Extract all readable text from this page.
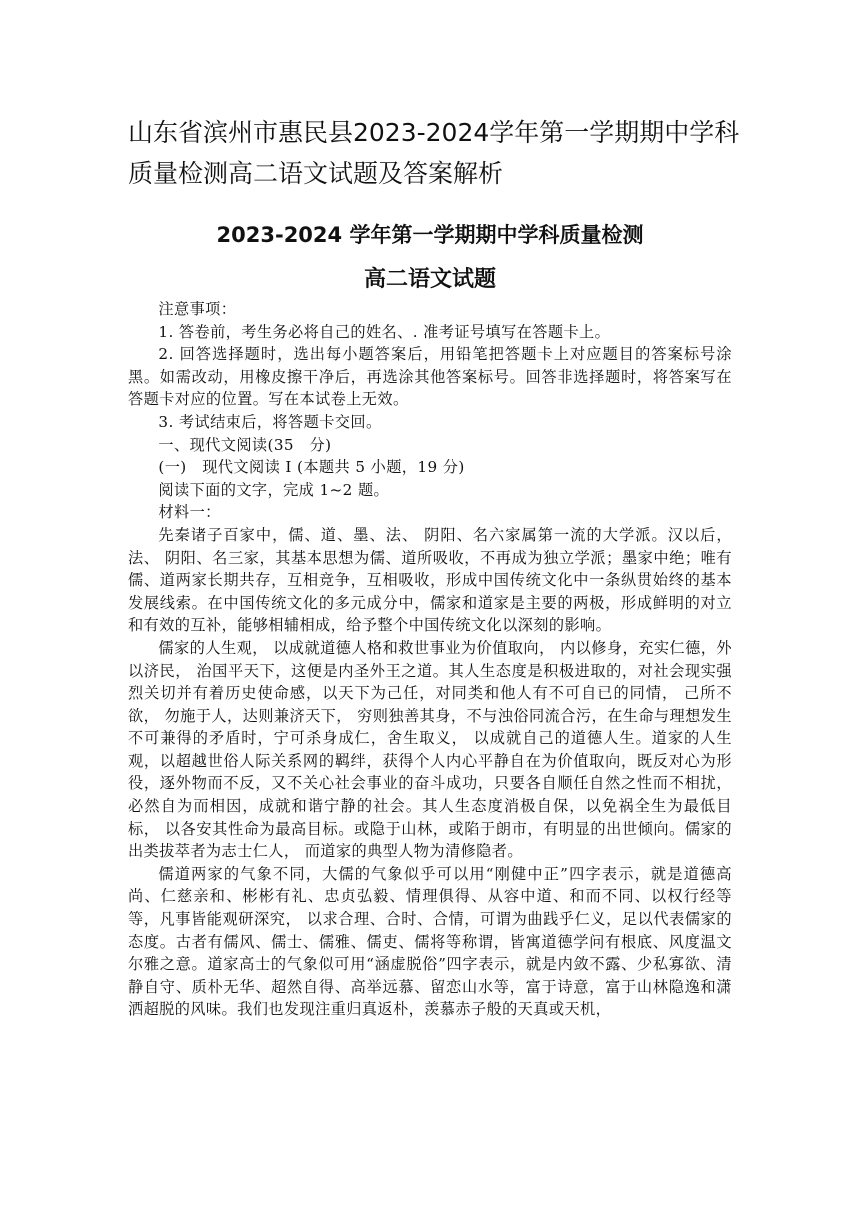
山东省滨州市惠民县2023-2024学年第一学期期中学科质量检测高二语文试题及答案解析
2023-2024 学年第一学期期中学科质量检测
高二语文试题

注意事项：

1. 答卷前，考生务必将自己的姓名、. 准考证号填写在答题卡上。

2. 回答选择题时，选出每小题答案后，用铅笔把答题卡上对应题目的答案标号涂黑。如需改动，用橡皮擦干净后，再选涂其他答案标号。回答非选择题时，将答案写在答题卡对应的位置。写在本试卷上无效。

3. 考试结束后，将答题卡交回。

一、现代文阅读(35　分)

(一)　现代文阅读 I (本题共 5 小题，19 分)

阅读下面的文字，完成 1~2 题。

材料一：

先秦诸子百家中，儒、道、墨、法、 阴阳、名六家属第一流的大学派。汉以后， 法、 阴阳、名三家，其基本思想为儒、道所吸收，不再成为独立学派；墨家中绝；唯有儒、道两家长期共存，互相竞争，互相吸收，形成中国传统文化中一条纵贯始终的基本发展线索。在中国传统文化的多元成分中，儒家和道家是主要的两极，形成鲜明的对立和有效的互补，能够相辅相成，给予整个中国传统文化以深刻的影响。

儒家的人生观， 以成就道德人格和救世事业为价值取向， 内以修身，充实仁德，外以济民， 治国平天下，这便是内圣外王之道。其人生态度是积极进取的，对社会现实强烈关切并有着历史使命感，以天下为己任，对同类和他人有不可自已的同情， 己所不欲， 勿施于人，达则兼济天下， 穷则独善其身，不与浊俗同流合污，在生命与理想发生不可兼得的矛盾时，宁可杀身成仁，舍生取义， 以成就自己的道德人生。道家的人生观，以超越世俗人际关系网的羁绊，获得个人内心平静自在为价值取向，既反对心为形役，逐外物而不反，又不关心社会事业的奋斗成功，只要各自顺任自然之性而不相扰，必然自为而相因，成就和谐宁静的社会。其人生态度消极自保，以免祸全生为最低目标， 以各安其性命为最高目标。或隐于山林，或陷于朗市，有明显的出世倾向。儒家的出类拔萃者为志士仁人， 而道家的典型人物为清修隐者。

儒道两家的气象不同，大儒的气象似乎可以用“刚健中正”四字表示，就是道德高尚、仁慈亲和、彬彬有礼、忠贞弘毅、情理俱得、从容中道、和而不同、以权行经等等，凡事皆能观研深究， 以求合理、合时、合情，可谓为曲践乎仁义，足以代表儒家的态度。古者有儒风、儒士、儒雅、儒吏、儒将等称谓，皆寓道德学问有根底、风度温文尔雅之意。道家高士的气象似可用“涵虚脱俗”四字表示，就是内敛不露、少私寡欲、清静自守、质朴无华、超然自得、高举远慕、留恋山水等，富于诗意，富于山林隐逸和潇洒超脱的风味。我们也发现注重归真返朴，羡慕赤子般的天真或天机，
